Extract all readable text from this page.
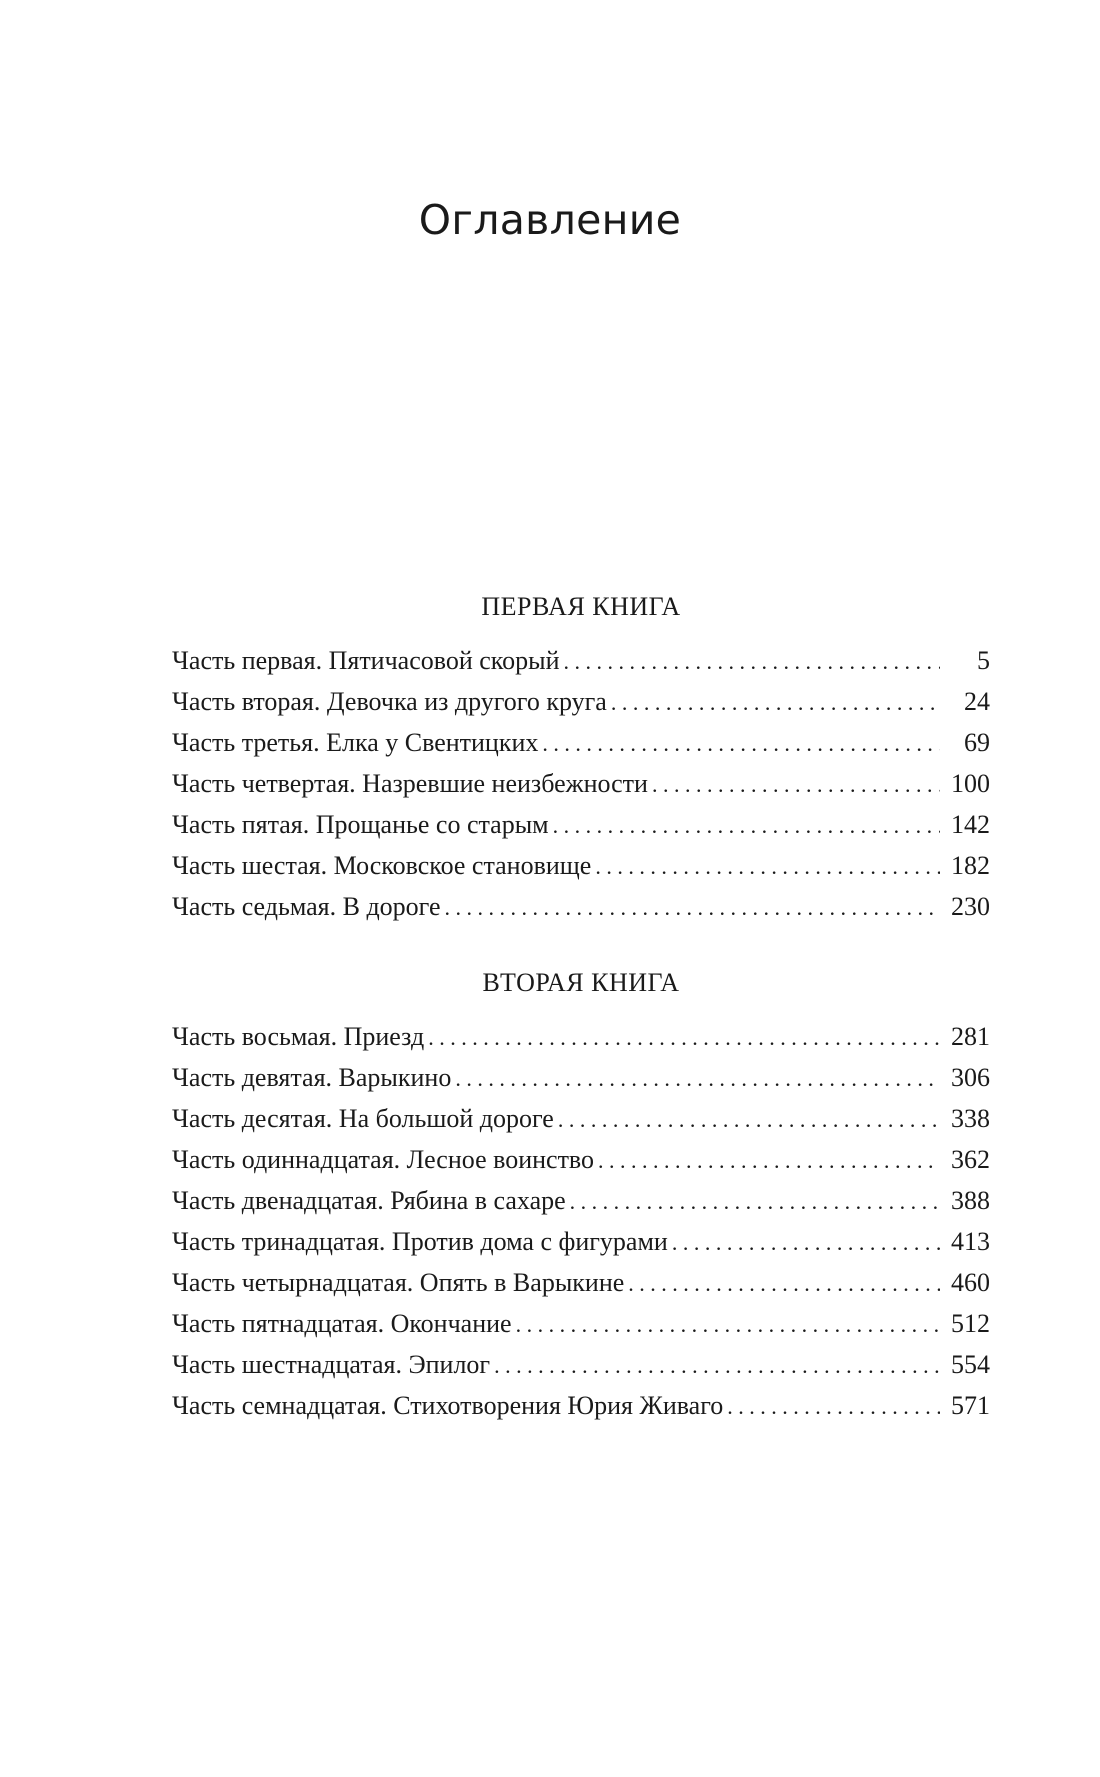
Оглавление
ПЕРВАЯ КНИГА
Часть первая. Пятичасовой скорый . . .	5
Часть вторая. Девочка из другого круга . . .	24
Часть третья. Елка у Свентицких . . .	69
Часть четвертая. Назревшие неизбежности . . .	100
Часть пятая. Прощанье со старым . . .	142
Часть шестая. Московское становище . . .	182
Часть седьмая. В дороге . . .	230
ВТОРАЯ КНИГА
Часть восьмая. Приезд . . .	281
Часть девятая. Варыкино . . .	306
Часть десятая. На большой дороге . . .	338
Часть одиннадцатая. Лесное воинство . . .	362
Часть двенадцатая. Рябина в сахаре . . .	388
Часть тринадцатая. Против дома с фигурами . . .	413
Часть четырнадцатая. Опять в Варыкине . . .	460
Часть пятнадцатая. Окончание . . .	512
Часть шестнадцатая. Эпилог . . .	554
Часть семнадцатая. Стихотворения Юрия Живаго . . .	571
